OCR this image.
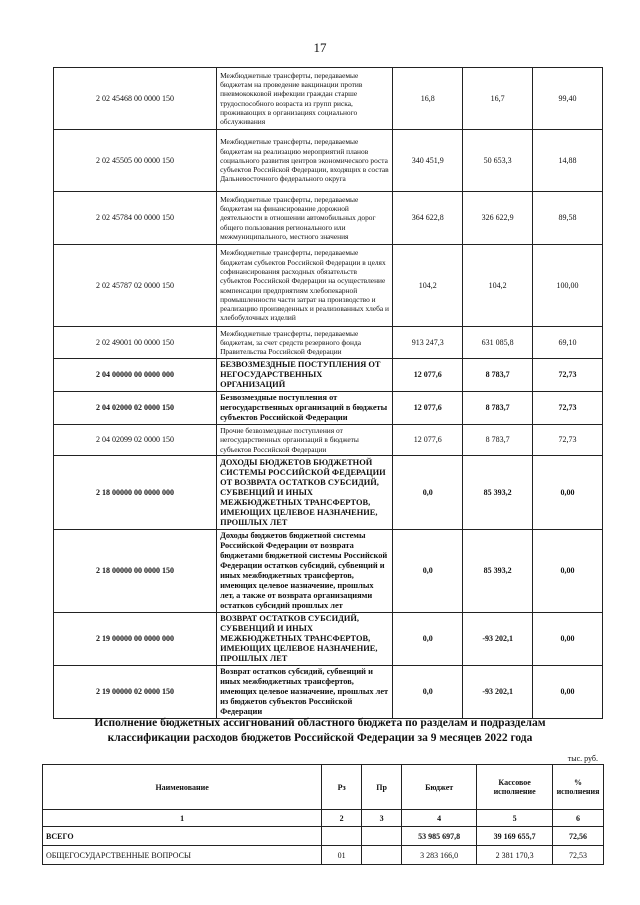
17
2 02 45468 00 0000 150	Межбюджетные трансферты, передаваемые бюджетам на проведение вакцинации против пневмококковой инфекции граждан старше трудоспособного возраста из групп риска, проживающих в организациях социального обслуживания	16,8	16,7	99,40
2 02 45505 00 0000 150	Межбюджетные трансферты, передаваемые бюджетам на реализацию мероприятий планов социального развития центров экономического роста субъектов Российской Федерации, входящих в состав Дальневосточного федерального округа	340 451,9	50 653,3	14,88
2 02 45784 00 0000 150	Межбюджетные трансферты, передаваемые бюджетам на финансирование дорожной деятельности в отношении автомобильных дорог общего пользования регионального или межмуниципального, местного значения	364 622,8	326 622,9	89,58
2 02 45787 02 0000 150	Межбюджетные трансферты, передаваемые бюджетам субъектов Российской Федерации в целях софинансирования расходных обязательств субъектов Российской Федерации на осуществление компенсации предприятиям хлебопекарной промышленности части затрат на производство и реализацию произведенных и реализованных хлеба и хлебобулочных изделий	104,2	104,2	100,00
2 02 49001 00 0000 150	Межбюджетные трансферты, передаваемые бюджетам, за счет средств резервного фонда Правительства Российской Федерации	913 247,3	631 085,8	69,10
2 04 00000 00 0000 000	БЕЗВОЗМЕЗДНЫЕ ПОСТУПЛЕНИЯ ОТ НЕГОСУДАРСТВЕННЫХ ОРГАНИЗАЦИЙ	12 077,6	8 783,7	72,73
2 04 02000 02 0000 150	Безвозмездные поступления от негосударственных организаций в бюджеты субъектов Российской Федерации	12 077,6	8 783,7	72,73
2 04 02099 02 0000 150	Прочие безвозмездные поступления от негосударственных организаций в бюджеты субъектов Российской Федерации	12 077,6	8 783,7	72,73
2 18 00000 00 0000 000	ДОХОДЫ БЮДЖЕТОВ БЮДЖЕТНОЙ СИСТЕМЫ РОССИЙСКОЙ ФЕДЕРАЦИИ ОТ ВОЗВРАТА ОСТАТКОВ СУБСИДИЙ, СУБВЕНЦИЙ И ИНЫХ МЕЖБЮДЖЕТНЫХ ТРАНСФЕРТОВ, ИМЕЮЩИХ ЦЕЛЕВОЕ НАЗНАЧЕНИЕ, ПРОШЛЫХ ЛЕТ	0,0	85 393,2	0,00
2 18 00000 00 0000 150	Доходы бюджетов бюджетной системы Российской Федерации от возврата бюджетами бюджетной системы Российской Федерации остатков субсидий, субвенций и иных межбюджетных трансфертов, имеющих целевое назначение, прошлых лет, а также от возврата организациями остатков субсидий прошлых лет	0,0	85 393,2	0,00
2 19 00000 00 0000 000	ВОЗВРАТ ОСТАТКОВ СУБСИДИЙ, СУБВЕНЦИЙ И ИНЫХ МЕЖБЮДЖЕТНЫХ ТРАНСФЕРТОВ, ИМЕЮЩИХ ЦЕЛЕВОЕ НАЗНАЧЕНИЕ, ПРОШЛЫХ ЛЕТ	0,0	-93 202,1	0,00
2 19 00000 02 0000 150	Возврат остатков субсидий, субвенций и иных межбюджетных трансфертов, имеющих целевое назначение, прошлых лет из бюджетов субъектов Российской Федерации	0,0	-93 202,1	0,00
Исполнение бюджетных ассигнований областного бюджета по разделам и подразделам
классификации расходов бюджетов Российской Федерации за 9 месяцев 2022 года
тыс. руб.
Наименование	Рз	Пр	Бюджет	Кассовое исполнение	% исполнения
1	2	3	4	5	6
ВСЕГО			53 985 697,8	39 169 655,7	72,56
ОБЩЕГОСУДАРСТВЕННЫЕ ВОПРОСЫ	01		3 283 166,0	2 381 170,3	72,53
